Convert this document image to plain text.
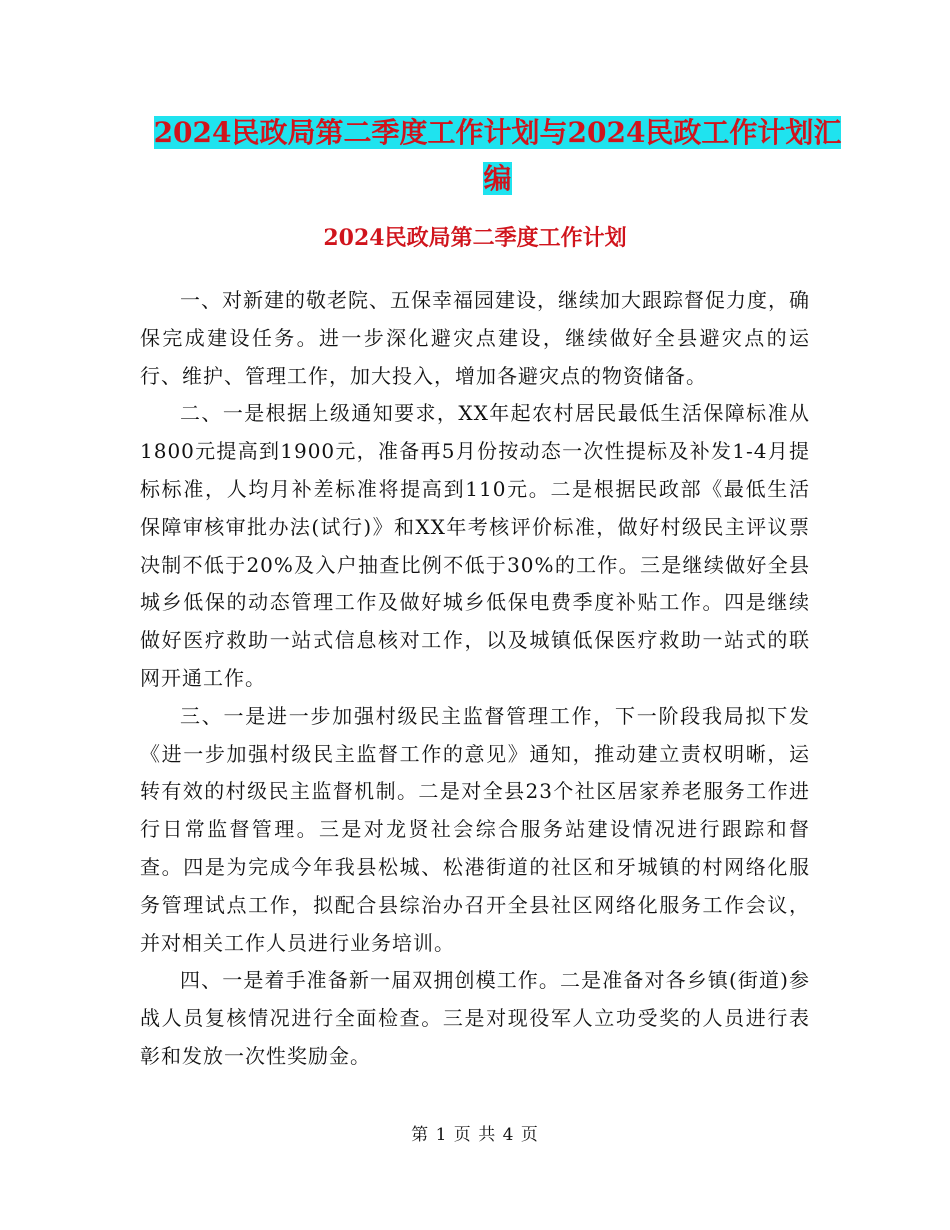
2024民政局第二季度工作计划与2024民政工作计划汇编
2024民政局第二季度工作计划

一、对新建的敬老院、五保幸福园建设，继续加大跟踪督促力度，确保完成建设任务。进一步深化避灾点建设，继续做好全县避灾点的运行、维护、管理工作，加大投入，增加各避灾点的物资储备。

二、一是根据上级通知要求，XX年起农村居民最低生活保障标准从1800元提高到1900元，准备再5月份按动态一次性提标及补发1-4月提标标准，人均月补差标准将提高到110元。二是根据民政部《最低生活保障审核审批办法(试行)》和XX年考核评价标准，做好村级民主评议票决制不低于20%及入户抽查比例不低于30%的工作。三是继续做好全县城乡低保的动态管理工作及做好城乡低保电费季度补贴工作。四是继续做好医疗救助一站式信息核对工作，以及城镇低保医疗救助一站式的联网开通工作。

三、一是进一步加强村级民主监督管理工作，下一阶段我局拟下发《进一步加强村级民主监督工作的意见》通知，推动建立责权明晰，运转有效的村级民主监督机制。二是对全县23个社区居家养老服务工作进行日常监督管理。三是对龙贤社会综合服务站建设情况进行跟踪和督查。四是为完成今年我县松城、松港街道的社区和牙城镇的村网络化服务管理试点工作，拟配合县综治办召开全县社区网络化服务工作会议，并对相关工作人员进行业务培训。

四、一是着手准备新一届双拥创模工作。二是准备对各乡镇(街道)参战人员复核情况进行全面检查。三是对现役军人立功受奖的人员进行表彰和发放一次性奖励金。

第 1 页 共 4 页
